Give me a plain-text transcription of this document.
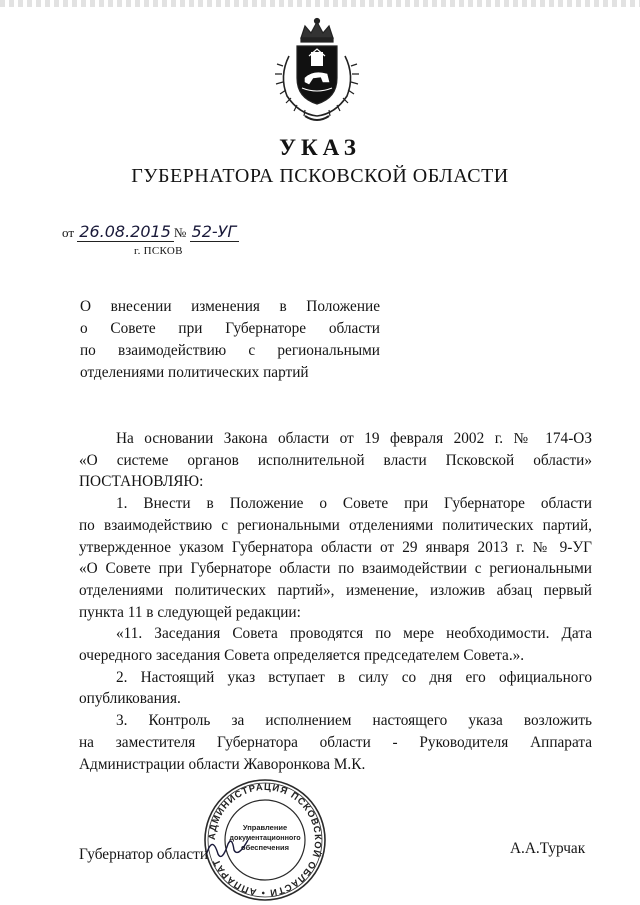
УКАЗ
ГУБЕРНАТОРА ПСКОВСКОЙ ОБЛАСТИ
от 26.08.2015 № 52-УГ
г. ПСКОВ
О внесении изменения в Положение
о Совете при Губернаторе области
по взаимодействию с региональными
отделениями политических партий
На основании Закона области от 19 февраля 2002 г. № 174-ОЗ
«О системе органов исполнительной власти Псковской области»
ПОСТАНОВЛЯЮ:
1. Внести в Положение о Совете при Губернаторе области
по взаимодействию с региональными отделениями политических партий,
утвержденное указом Губернатора области от 29 января 2013 г. № 9-УГ
«О Совете при Губернаторе области по взаимодействии с региональными
отделениями политических партий», изменение, изложив абзац первый
пункта 11 в следующей редакции:
«11. Заседания Совета проводятся по мере необходимости. Дата
очередного заседания Совета определяется председателем Совета.».
2. Настоящий указ вступает в силу со дня его официального
опубликования.
3. Контроль за исполнением настоящего указа возложить
на заместителя Губернатора области - Руководителя Аппарата
Администрации области Жаворонкова М.К.
АДМИНИСТРАЦИЯ ПСКОВСКОЙ ОБЛАСТИ • АППАРАТ
Управление
документационного
обеспечения
Губернатор области	А.А.Турчак
